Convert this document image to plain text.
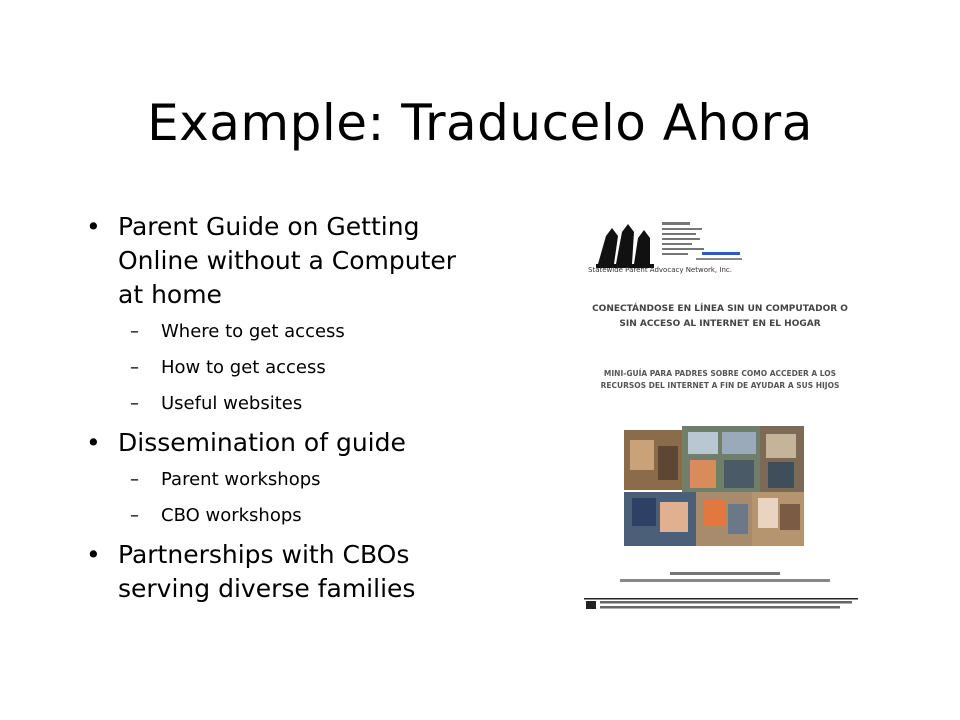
Example: Traducelo Ahora
• Parent Guide on Getting Online without a Computer at home
– Where to get access
– How to get access
– Useful websites
• Dissemination of guide
– Parent workshops
– CBO workshops
• Partnerships with CBOs serving diverse families
Statewide Parent Advocacy Network, Inc.
CONECTÁNDOSE EN LÍNEA SIN UN COMPUTADOR O SIN ACCESO AL INTERNET EN EL HOGAR
MINI-GUÍA PARA PADRES SOBRE COMO ACCEDER A LOS RECURSOS DEL INTERNET A FIN DE AYUDAR A SUS HIJOS
